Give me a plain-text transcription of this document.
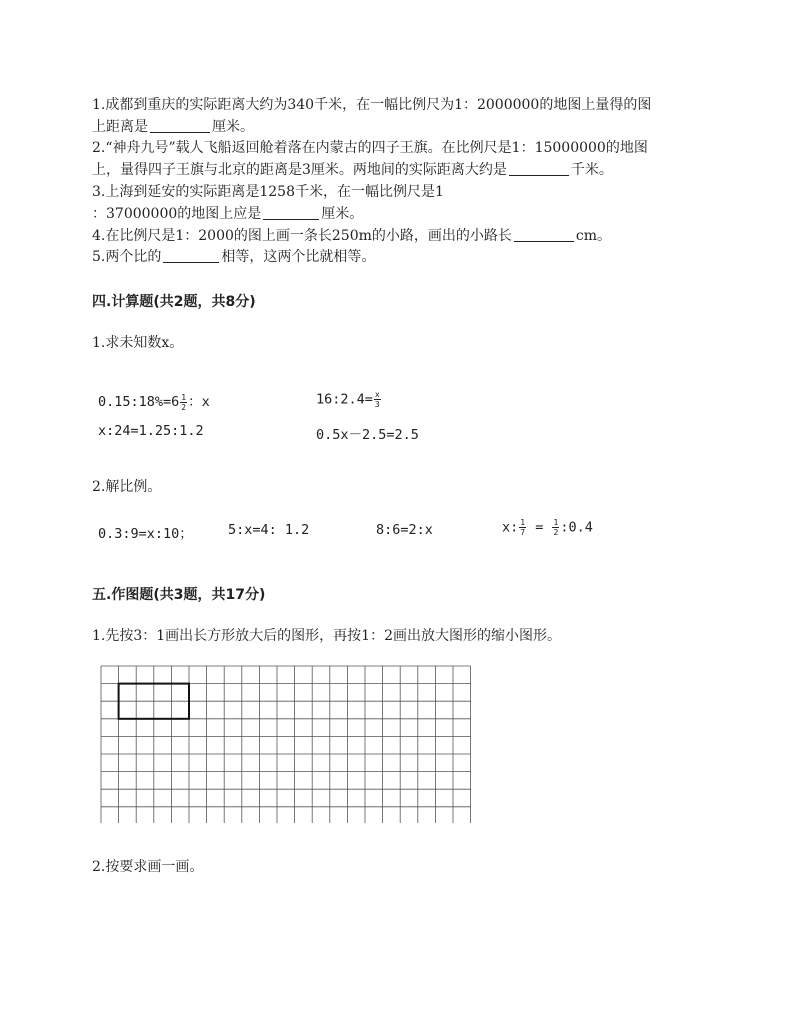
1.成都到重庆的实际距离大约为340千米，在一幅比例尺为1：2000000的地图上量得的图
上距离是	厘米。
2.“神舟九号”载人飞船返回舱着落在内蒙古的四子王旗。在比例尺是1：15000000的地图
上，量得四子王旗与北京的距离是3厘米。两地间的实际距离大约是	千米。
3.上海到延安的实际距离是1258千米，在一幅比例尺是1
：37000000的地图上应是	厘米。
4.在比例尺是1：2000的图上画一条长250m的小路，画出的小路长	cm。
5.两个比的	相等，这两个比就相等。
四.计算题(共2题，共8分)
1.求未知数x。
0.15:18%=6 $\frac{1}{2}$ ：x	16:2.4= $\frac{x}{3}$
x:24=1.25:1.2	0.5x－2.5=2.5
2.解比例。
0.3:9=x:10；	5:x=4: 1.2	8:6=2:x	x: $\frac{1}{7} = \frac{1}{2}$ :0.4
五.作图题(共3题，共17分)
1.先按3：1画出长方形放大后的图形，再按1：2画出放大图形的缩小图形。
2.按要求画一画。
